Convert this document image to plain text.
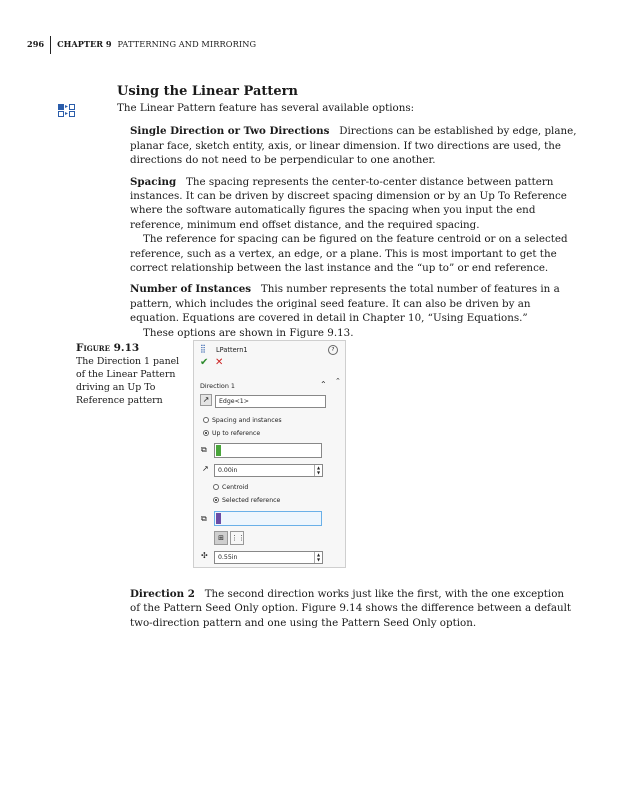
296 CHAPTER 9 PATTERNING AND MIRRORING
Using the Linear Pattern
▸
▸	The Linear Pattern feature has several available options:

Single Direction or Two Directions Directions can be established by edge, plane, planar face, sketch entity, axis, or linear dimension. If two directions are used, the directions do not need to be perpendicular to one another.

Spacing The spacing represents the center-to-center distance between pattern instances. It can be driven by discreet spacing dimension or by an Up To Reference where the software automatically figures the spacing when you input the end reference, minimum end offset distance, and the required spacing.

The reference for spacing can be figured on the feature centroid or on a selected reference, such as a vertex, an edge, or a plane. This is most important to get the correct relationship between the last instance and the “up to” or end reference.

Number of Instances This number represents the total number of features in a pattern, which includes the original seed feature. It can also be driven by an equation. Equations are covered in detail in Chapter 10, “Using Equations.”

These options are shown in Figure 9.13.

Figure 9.13
The Direction 1 panel of the Linear Pattern driving an Up To Reference pattern
⣿ LPattern1	?
✔ ✕
Direction 1	⌃ ⌃
↗	Edge<1>
Spacing and instances
Up to reference
⧉
↗	0.00in	▲
▼
Centroid
Selected reference
⧉
⊞	⋮⋮
✣	0.55in	▲
▼

Direction 2 The second direction works just like the first, with the one exception of the Pattern Seed Only option. Figure 9.14 shows the difference between a default two-direction pattern and one using the Pattern Seed Only option.
